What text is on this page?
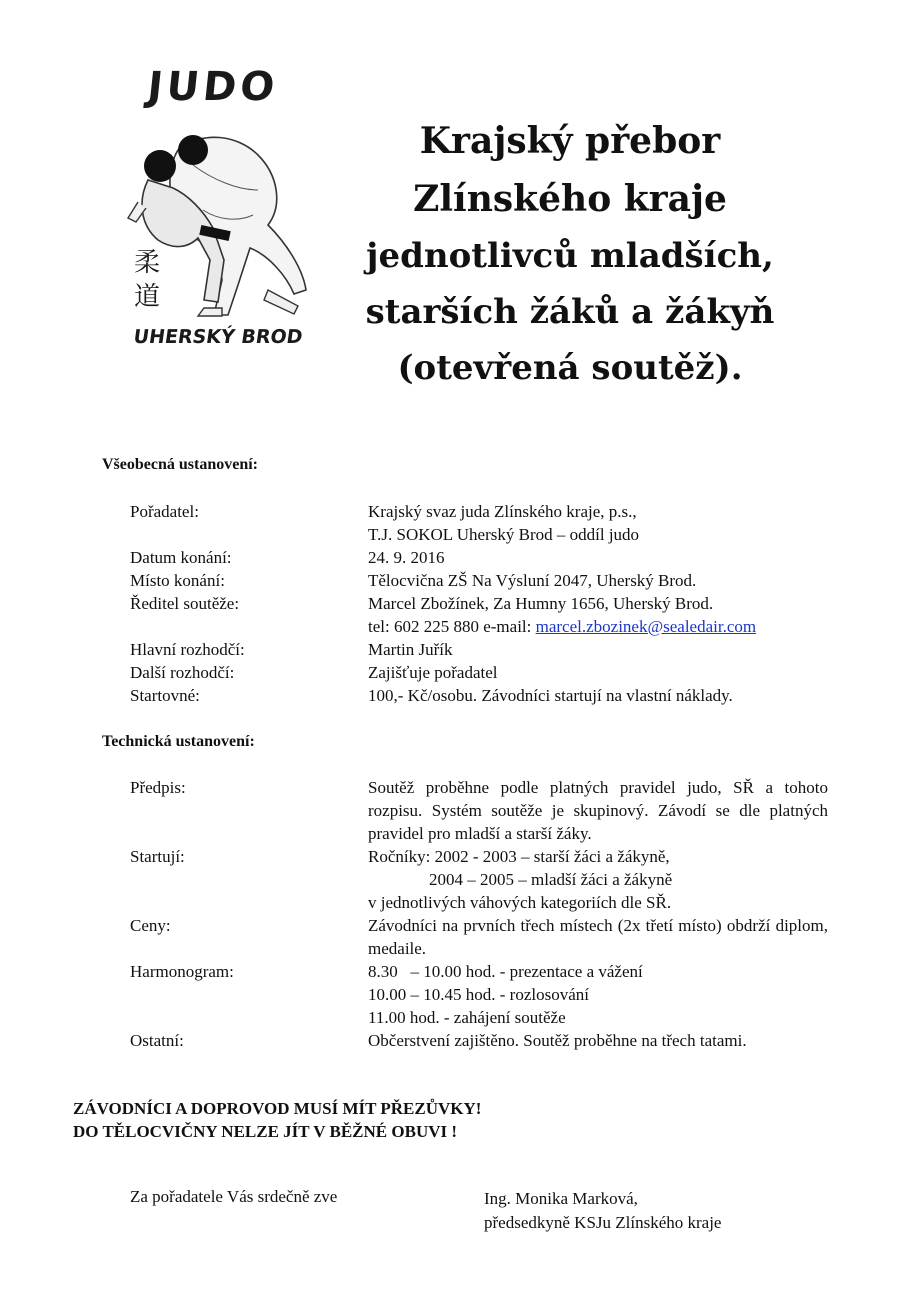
JUDO
柔
道
UHERSKÝ BROD
Krajský přebor
Zlínského kraje
jednotlivců mladších,
starších žáků a žákyň
(otevřená soutěž).
Všeobecná ustanovení:
Pořadatel:	Krajský svaz juda Zlínského kraje, p.s.,
T.J. SOKOL Uherský Brod – oddíl judo
Datum konání:	24. 9. 2016
Místo konání:	Tělocvična ZŠ Na Výsluní 2047, Uherský Brod.
Ředitel soutěže:	Marcel Zbožínek, Za Humny 1656, Uherský Brod.
tel: 602 225 880 e-mail: marcel.zbozinek@sealedair.com
Hlavní rozhodčí:	Martin Juřík
Další rozhodčí:	Zajišťuje pořadatel
Startovné:	100,- Kč/osobu. Závodníci startují na vlastní náklady.
Technická ustanovení:
Předpis:	Soutěž proběhne podle platných pravidel judo, SŘ a tohoto rozpisu. Systém soutěže je skupinový. Závodí se dle platných pravidel pro mladší a starší žáky.
Startují:	Ročníky: 2002 - 2003 – starší žáci a žákyně,
2004 – 2005 – mladší žáci a žákyně
v jednotlivých váhových kategoriích dle SŘ.
Ceny:	Závodníci na prvních třech místech (2x třetí místo) obdrží diplom, medaile.
Harmonogram:	8.30   – 10.00 hod. - prezentace a vážení
10.00 – 10.45 hod. - rozlosování
11.00 hod. - zahájení soutěže
Ostatní:	Občerstvení zajištěno. Soutěž proběhne na třech tatami.
ZÁVODNÍCI A DOPROVOD MUSÍ MÍT PŘEZŮVKY!
DO TĚLOCVIČNY NELZE JÍT V BĚŽNÉ OBUVI !
Za pořadatele Vás srdečně zve	Ing. Monika Marková,
předsedkyně KSJu Zlínského kraje
